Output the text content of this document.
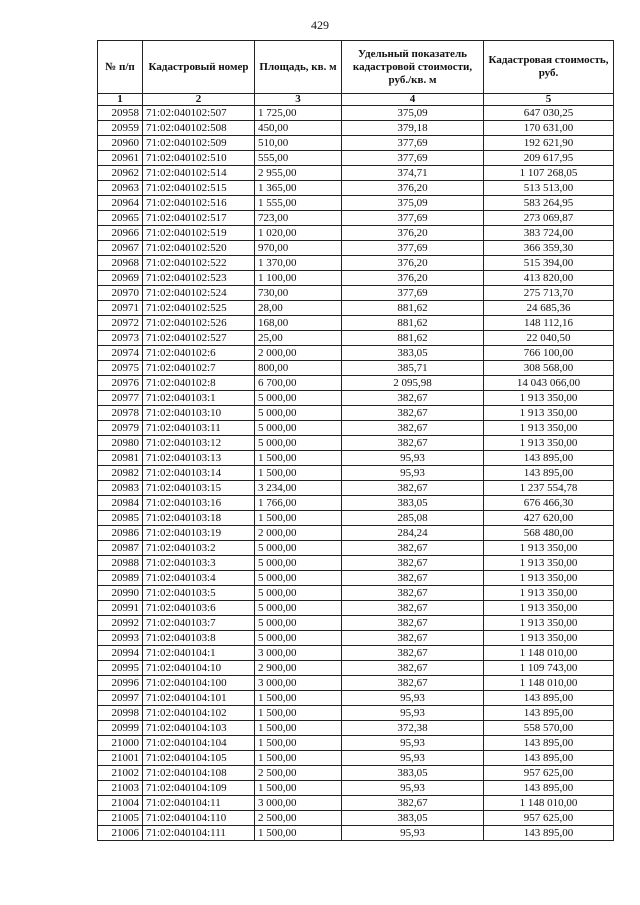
429
№ п/п	Кадастровый номер	Площадь, кв. м	Удельный показатель кадастровой стоимости, руб./кв. м	Кадастровая стоимость, руб.
1	2	3	4	5
20958	71:02:040102:507	1 725,00	375,09	647 030,25
20959	71:02:040102:508	450,00	379,18	170 631,00
20960	71:02:040102:509	510,00	377,69	192 621,90
20961	71:02:040102:510	555,00	377,69	209 617,95
20962	71:02:040102:514	2 955,00	374,71	1 107 268,05
20963	71:02:040102:515	1 365,00	376,20	513 513,00
20964	71:02:040102:516	1 555,00	375,09	583 264,95
20965	71:02:040102:517	723,00	377,69	273 069,87
20966	71:02:040102:519	1 020,00	376,20	383 724,00
20967	71:02:040102:520	970,00	377,69	366 359,30
20968	71:02:040102:522	1 370,00	376,20	515 394,00
20969	71:02:040102:523	1 100,00	376,20	413 820,00
20970	71:02:040102:524	730,00	377,69	275 713,70
20971	71:02:040102:525	28,00	881,62	24 685,36
20972	71:02:040102:526	168,00	881,62	148 112,16
20973	71:02:040102:527	25,00	881,62	22 040,50
20974	71:02:040102:6	2 000,00	383,05	766 100,00
20975	71:02:040102:7	800,00	385,71	308 568,00
20976	71:02:040102:8	6 700,00	2 095,98	14 043 066,00
20977	71:02:040103:1	5 000,00	382,67	1 913 350,00
20978	71:02:040103:10	5 000,00	382,67	1 913 350,00
20979	71:02:040103:11	5 000,00	382,67	1 913 350,00
20980	71:02:040103:12	5 000,00	382,67	1 913 350,00
20981	71:02:040103:13	1 500,00	95,93	143 895,00
20982	71:02:040103:14	1 500,00	95,93	143 895,00
20983	71:02:040103:15	3 234,00	382,67	1 237 554,78
20984	71:02:040103:16	1 766,00	383,05	676 466,30
20985	71:02:040103:18	1 500,00	285,08	427 620,00
20986	71:02:040103:19	2 000,00	284,24	568 480,00
20987	71:02:040103:2	5 000,00	382,67	1 913 350,00
20988	71:02:040103:3	5 000,00	382,67	1 913 350,00
20989	71:02:040103:4	5 000,00	382,67	1 913 350,00
20990	71:02:040103:5	5 000,00	382,67	1 913 350,00
20991	71:02:040103:6	5 000,00	382,67	1 913 350,00
20992	71:02:040103:7	5 000,00	382,67	1 913 350,00
20993	71:02:040103:8	5 000,00	382,67	1 913 350,00
20994	71:02:040104:1	3 000,00	382,67	1 148 010,00
20995	71:02:040104:10	2 900,00	382,67	1 109 743,00
20996	71:02:040104:100	3 000,00	382,67	1 148 010,00
20997	71:02:040104:101	1 500,00	95,93	143 895,00
20998	71:02:040104:102	1 500,00	95,93	143 895,00
20999	71:02:040104:103	1 500,00	372,38	558 570,00
21000	71:02:040104:104	1 500,00	95,93	143 895,00
21001	71:02:040104:105	1 500,00	95,93	143 895,00
21002	71:02:040104:108	2 500,00	383,05	957 625,00
21003	71:02:040104:109	1 500,00	95,93	143 895,00
21004	71:02:040104:11	3 000,00	382,67	1 148 010,00
21005	71:02:040104:110	2 500,00	383,05	957 625,00
21006	71:02:040104:111	1 500,00	95,93	143 895,00
